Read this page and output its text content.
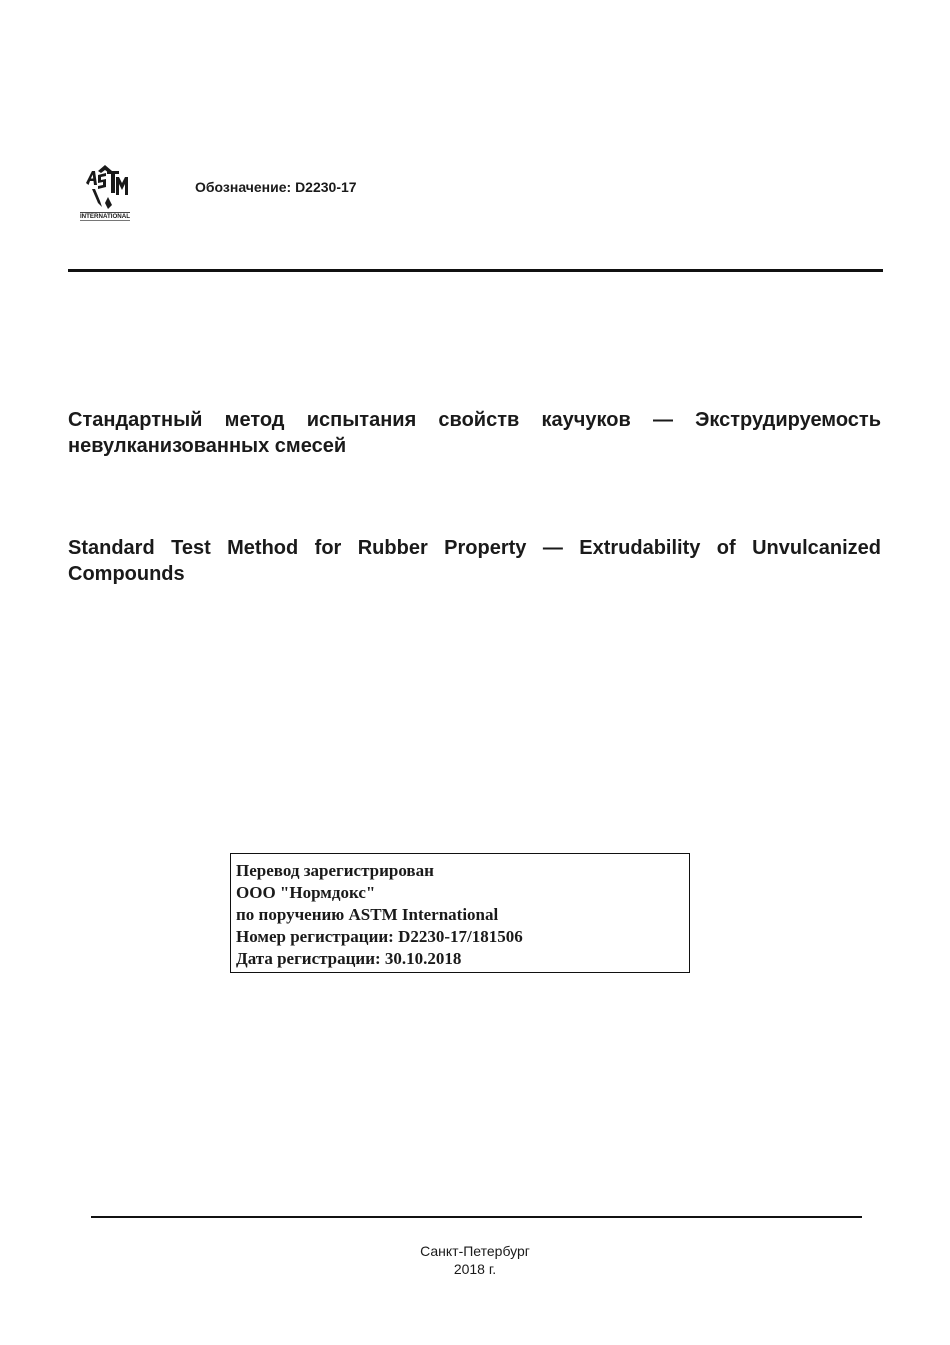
INTERNATIONAL
Обозначение: D2230-17
Стандартный метод испытания свойств каучуков — Экструдируемость невулканизованных смесей
Standard Test Method for Rubber Property — Extrudability of Unvulcanized Compounds
Перевод зарегистрирован
ООО "Нормдокс"
по поручению ASTM International
Номер регистрации: D2230-17/181506
Дата регистрации: 30.10.2018
Санкт-Петербург
2018 г.
